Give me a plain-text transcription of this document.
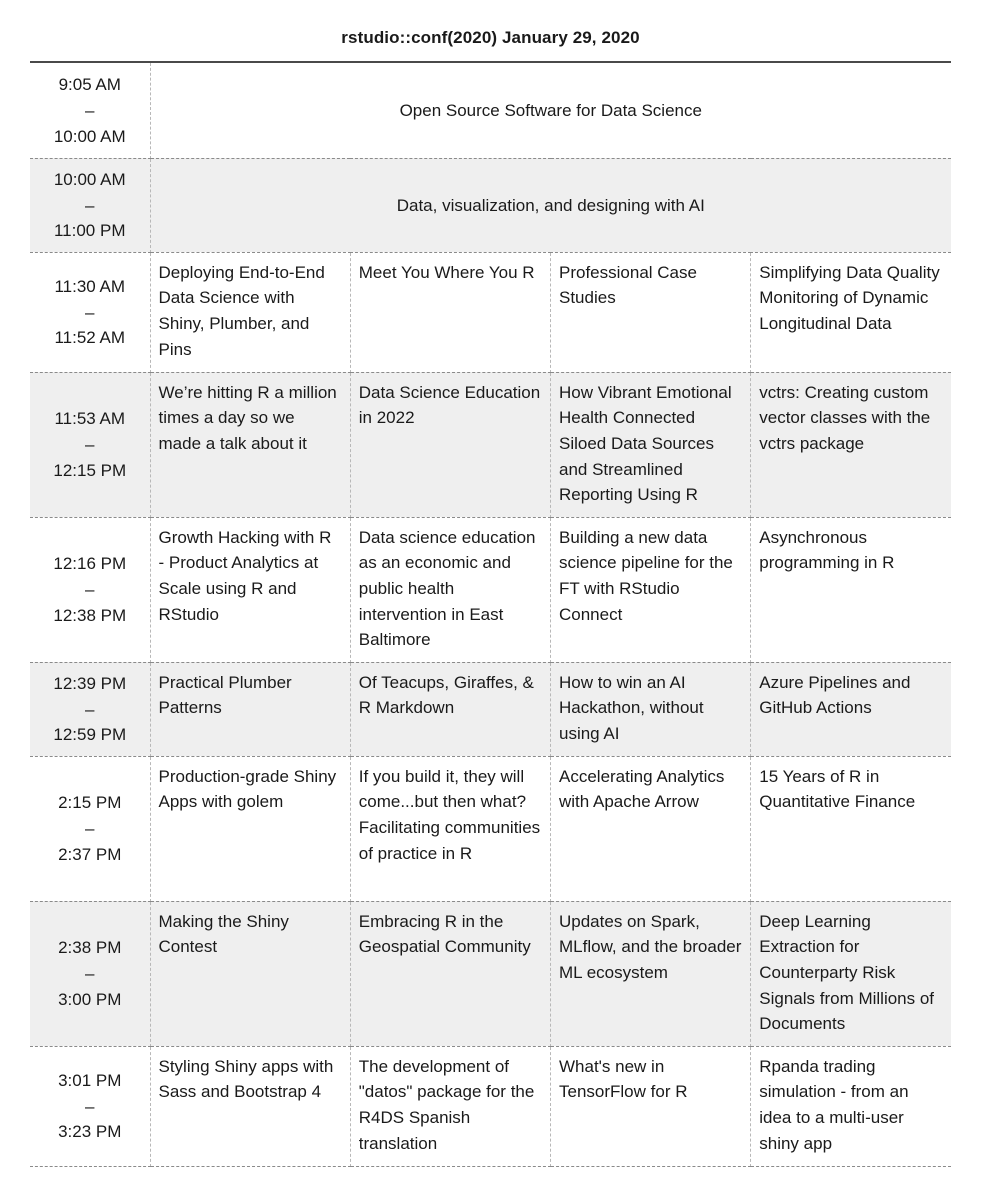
rstudio::conf(2020) January 29, 2020
9:05 AM
–
10:00 AM	Open Source Software for Data Science			

10:00 AM
–
11:00 PM	Data, visualization, and designing with AI			

11:30 AM
–
11:52 AM	Deploying End-to-End Data Science with Shiny, Plumber, and Pins	Meet You Where You R	Professional Case Studies	Simplifying Data Quality Monitoring of Dynamic Longitudinal Data

11:53 AM
–
12:15 PM	We’re hitting R a million times a day so we made a talk about it	Data Science Education in 2022	How Vibrant Emotional Health Connected Siloed Data Sources and Streamlined Reporting Using R	vctrs: Creating custom vector classes with the vctrs package

12:16 PM
–
12:38 PM	Growth Hacking with R - Product Analytics at Scale using R and RStudio	Data science education as an economic and public health intervention in East Baltimore	Building a new data science pipeline for the FT with RStudio Connect	Asynchronous programming in R

12:39 PM
–
12:59 PM	Practical Plumber Patterns	Of Teacups, Giraffes, & R Markdown	How to win an AI Hackathon, without using AI	Azure Pipelines and GitHub Actions

2:15 PM
–
2:37 PM	Production-grade Shiny Apps with golem	If you build it, they will come...but then what? Facilitating communities of practice in R	Accelerating Analytics with Apache Arrow	15 Years of R in Quantitative Finance

2:38 PM
–
3:00 PM	Making the Shiny Contest	Embracing R in the Geospatial Community	Updates on Spark, MLflow, and the broader ML ecosystem	Deep Learning Extraction for Counterparty Risk Signals from Millions of Documents

3:01 PM
–
3:23 PM	Styling Shiny apps with Sass and Bootstrap 4	The development of "datos" package for the R4DS Spanish translation	What's new in TensorFlow for R	Rpanda trading simulation - from an idea to a multi-user shiny app
